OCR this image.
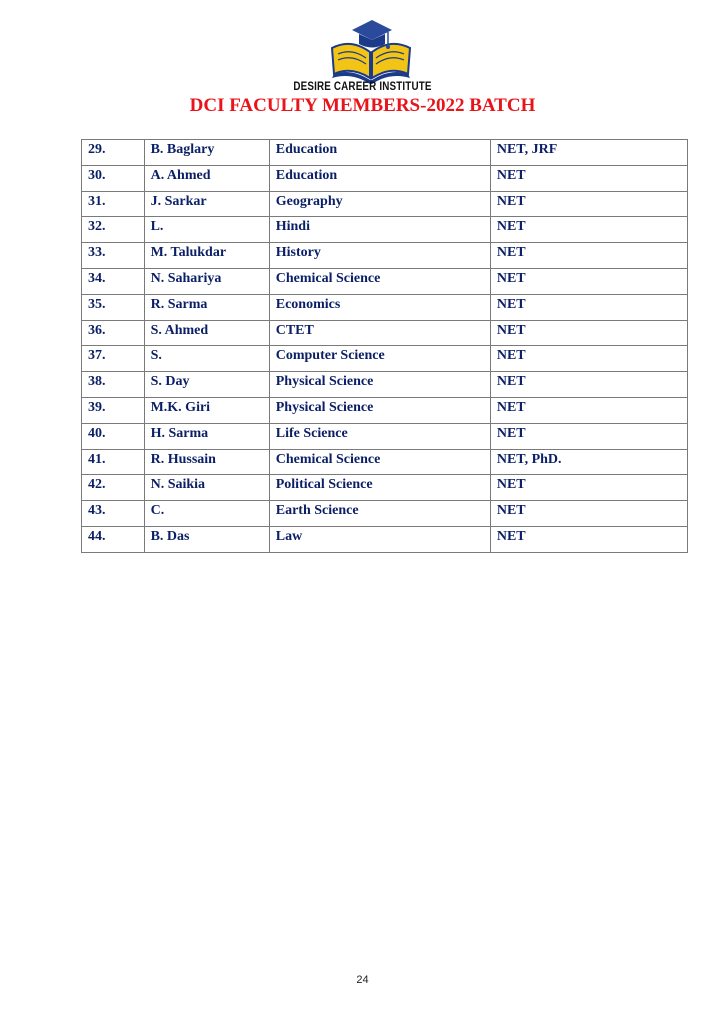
DESIRE CAREER INSTITUTE
DCI FACULTY MEMBERS-2022 BATCH
29.	B. Baglary	Education	NET, JRF
30.	A. Ahmed	Education	NET
31.	J. Sarkar	Geography	NET
32.	L.	Hindi	NET
33.	M. Talukdar	History	NET
34.	N. Sahariya	Chemical Science	NET
35.	R. Sarma	Economics	NET
36.	S. Ahmed	CTET	NET
37.	S.	Computer Science	NET
38.	S. Day	Physical Science	NET
39.	M.K. Giri	Physical Science	NET
40.	H. Sarma	Life Science	NET
41.	R. Hussain	Chemical Science	NET, PhD.
42.	N. Saikia	Political Science	NET
43.	C.	Earth Science	NET
44.	B. Das	Law	NET
24
